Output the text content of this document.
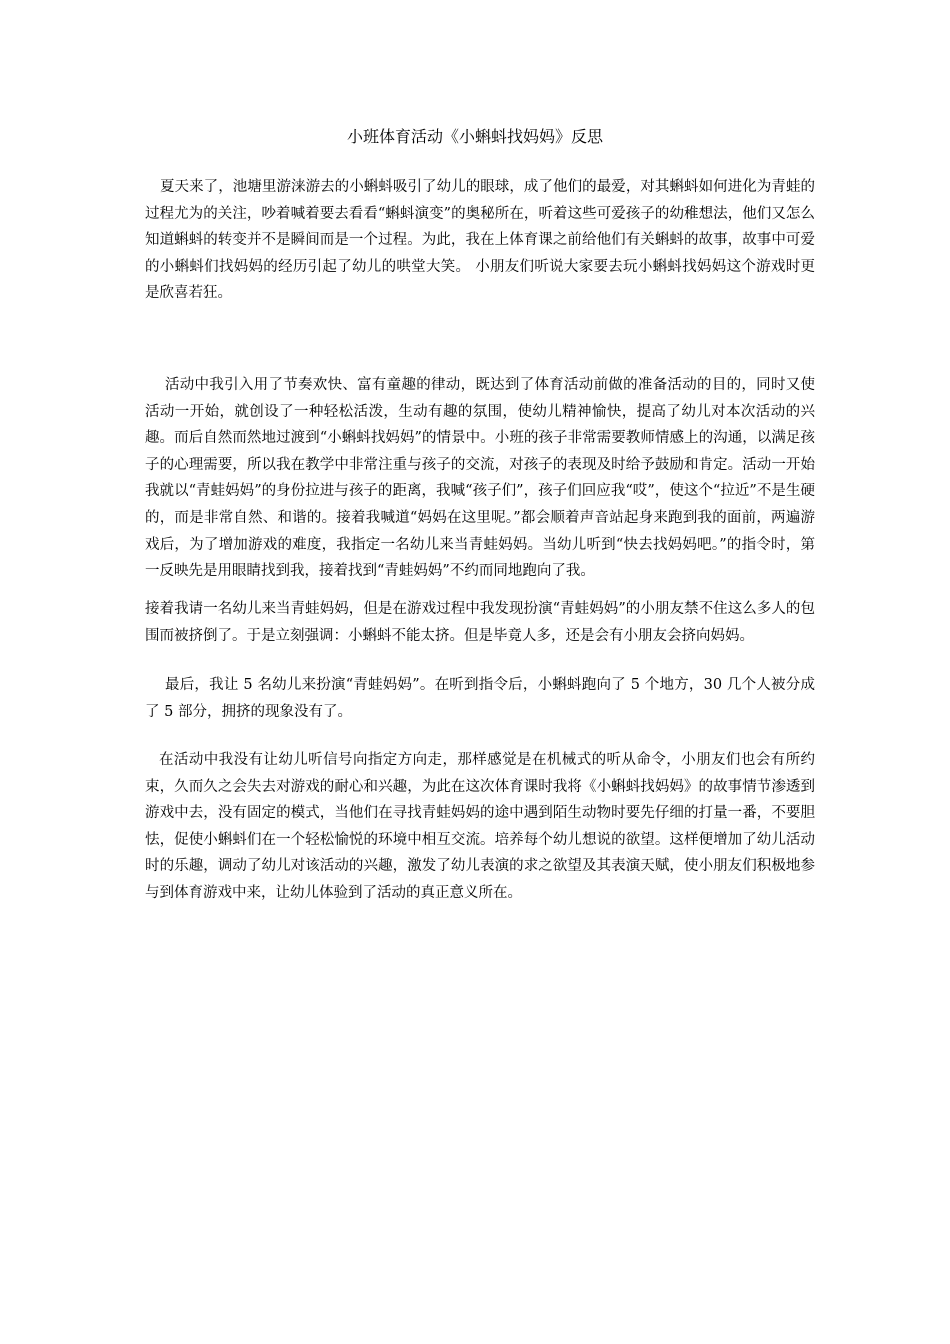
小班体育活动《小蝌蚪找妈妈》反思

夏天来了，池塘里游涞游去的小蝌蚪吸引了幼儿的眼球，成了他们的最爱，对其蝌蚪如何进化为青蛙的过程尤为的关注，吵着喊着要去看看“蝌蚪演变”的奥秘所在，听着这些可爱孩子的幼稚想法，他们又怎么知道蝌蚪的转变并不是瞬间而是一个过程。为此，我在上体育课之前给他们有关蝌蚪的故事，故事中可爱的小蝌蚪们找妈妈的经历引起了幼儿的哄堂大笑。 小朋友们听说大家要去玩小蝌蚪找妈妈这个游戏时更是欣喜若狂。

活动中我引入用了节奏欢快、富有童趣的律动，既达到了体育活动前做的准备活动的目的，同时又使活动一开始，就创设了一种轻松活泼，生动有趣的氛围，使幼儿精神愉快，提高了幼儿对本次活动的兴趣。而后自然而然地过渡到“小蝌蚪找妈妈”的情景中。小班的孩子非常需要教师情感上的沟通，以满足孩子的心理需要，所以我在教学中非常注重与孩子的交流，对孩子的表现及时给予鼓励和肯定。活动一开始我就以“青蛙妈妈”的身份拉进与孩子的距离，我喊“孩子们”，孩子们回应我“哎”，使这个“拉近”不是生硬的，而是非常自然、和谐的。接着我喊道“妈妈在这里呢。”都会顺着声音站起身来跑到我的面前，两遍游戏后，为了增加游戏的难度，我指定一名幼儿来当青蛙妈妈。当幼儿听到“快去找妈妈吧。”的指令时，第一反映先是用眼睛找到我，接着找到“青蛙妈妈”不约而同地跑向了我。

接着我请一名幼儿来当青蛙妈妈，但是在游戏过程中我发现扮演“青蛙妈妈”的小朋友禁不住这么多人的包围而被挤倒了。于是立刻强调：小蝌蚪不能太挤。但是毕竟人多，还是会有小朋友会挤向妈妈。

最后，我让 5 名幼儿来扮演“青蛙妈妈”。在听到指令后，小蝌蚪跑向了 5 个地方，30 几个人被分成了 5 部分，拥挤的现象没有了。

在活动中我没有让幼儿听信号向指定方向走，那样感觉是在机械式的听从命令，小朋友们也会有所约束，久而久之会失去对游戏的耐心和兴趣，为此在这次体育课时我将《小蝌蚪找妈妈》的故事情节渗透到游戏中去，没有固定的模式，当他们在寻找青蛙妈妈的途中遇到陌生动物时要先仔细的打量一番，不要胆怯，促使小蝌蚪们在一个轻松愉悦的环境中相互交流。培养每个幼儿想说的欲望。这样便增加了幼儿活动时的乐趣，调动了幼儿对该活动的兴趣，激发了幼儿表演的求之欲望及其表演天赋，使小朋友们积极地参与到体育游戏中来，让幼儿体验到了活动的真正意义所在。
